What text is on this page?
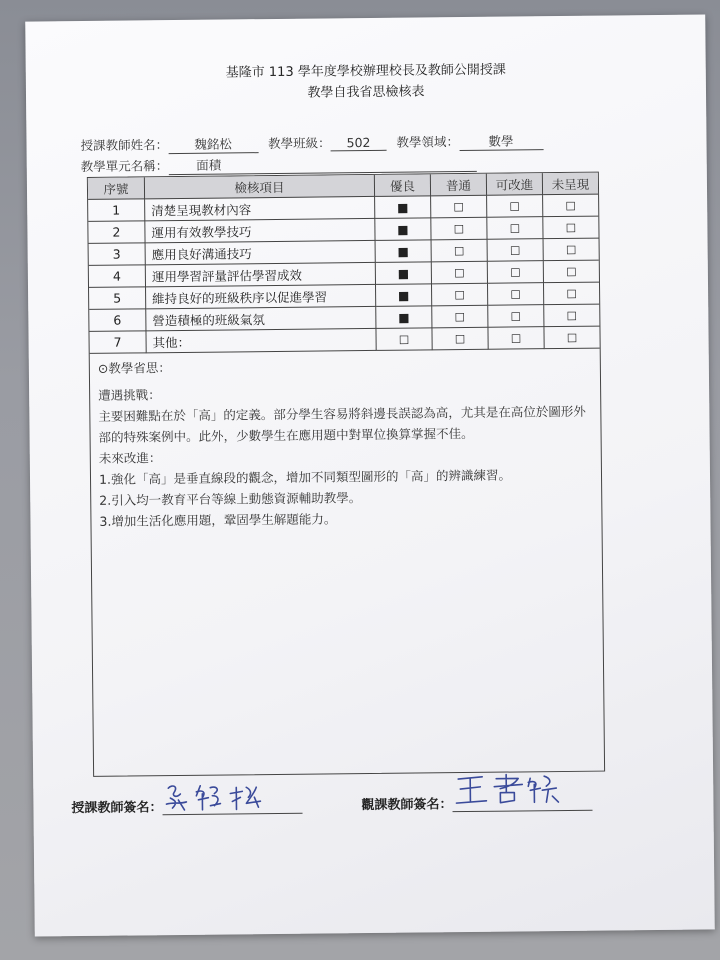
基隆市 113 學年度學校辦理校長及教師公開授課
教學自我省思檢核表
授課教師姓名： 魏銘松	教學班級： 502 教學領域： 數學
教學單元名稱： 面積
序號	檢核項目	優良	普通	可改進	未呈現
1	清楚呈現教材內容	■	□	□	□
2	運用有效教學技巧	■	□	□	□
3	應用良好溝通技巧	■	□	□	□
4	運用學習評量評估學習成效	■	□	□	□
5	維持良好的班級秩序以促進學習	■	□	□	□
6	營造積極的班級氣氛	■	□	□	□
7	其他：	□	□	□	□
⊙教學省思：
遭遇挑戰：
主要困難點在於「高」的定義。部分學生容易將斜邊長誤認為高，尤其是在高位於圖形外
部的特殊案例中。此外，少數學生在應用題中對單位換算掌握不佳。
未來改進：
1.強化「高」是垂直線段的觀念，增加不同類型圖形的「高」的辨識練習。
2.引入均一教育平台等線上動態資源輔助教學。
3.增加生活化應用題，鞏固學生解題能力。
授課教師簽名：	觀課教師簽名：
